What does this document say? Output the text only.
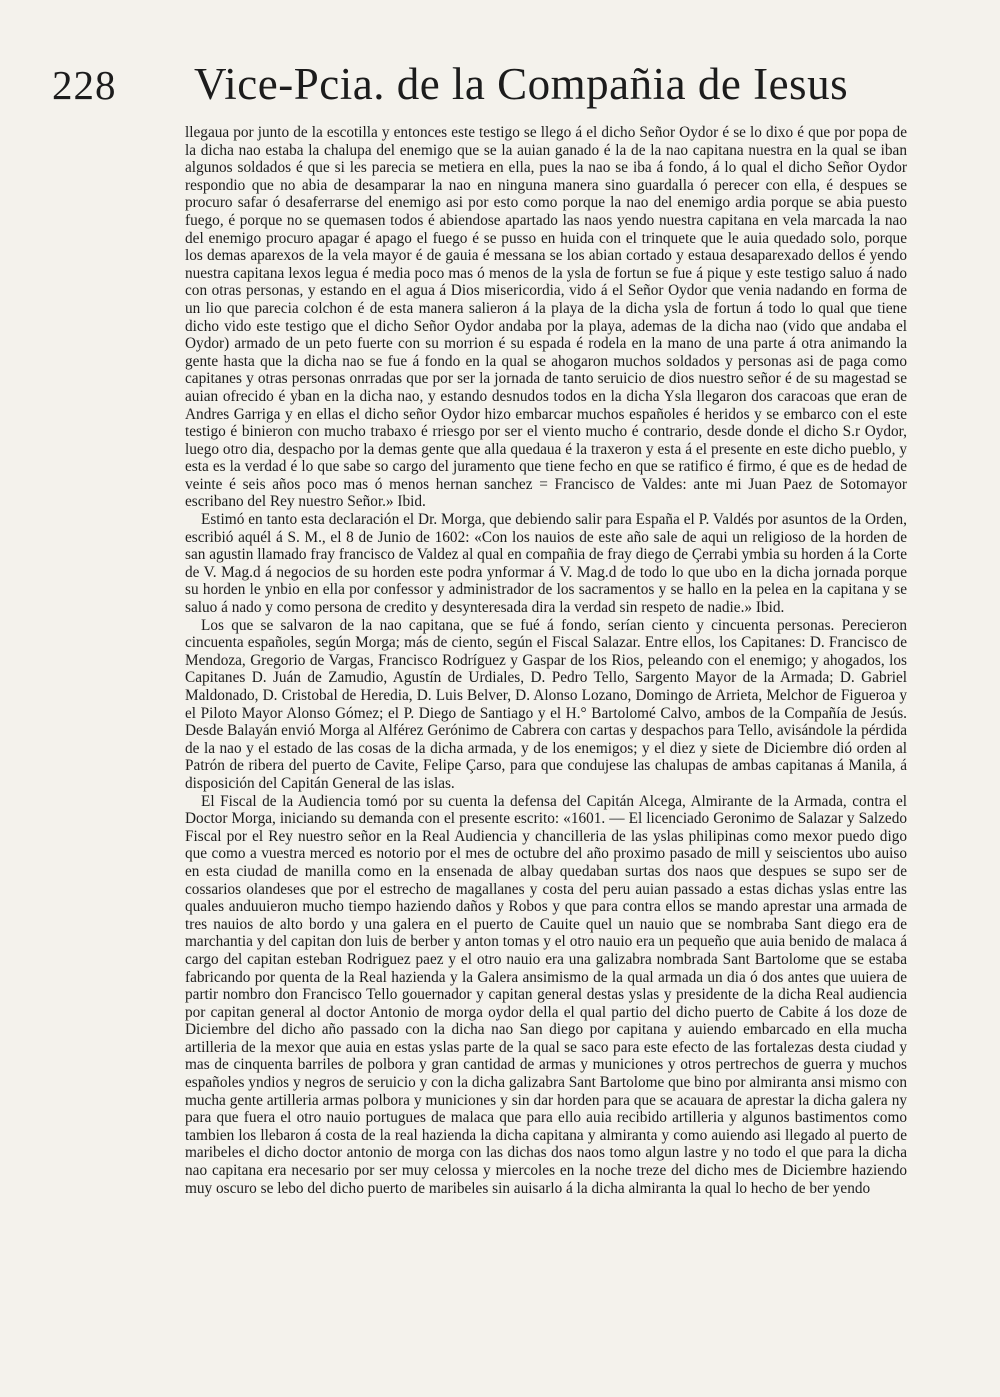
228	Vice-Pcia. de la Compañia de Iesus

llegaua por junto de la escotilla y entonces este testigo se llego á el dicho Señor Oydor é se lo dixo é que por popa de la dicha nao estaba la chalupa del enemigo que se la auian ganado é la de la nao capitana nuestra en la qual se iban algunos soldados é que si les parecia se metiera en ella, pues la nao se iba á fondo, á lo qual el dicho Señor Oydor respondio que no abia de desamparar la nao en ninguna manera sino guardalla ó perecer con ella, é despues se procuro safar ó desaferrarse del enemigo asi por esto como porque la nao del enemigo ardia porque se abia puesto fuego, é porque no se quemasen todos é abiendose apartado las naos yendo nuestra capitana en vela marcada la nao del enemigo procuro apagar é apago el fuego é se pusso en huida con el trinquete que le auia quedado solo, porque los demas aparexos de la vela mayor é de gauia é messana se los abian cortado y estaua desaparexado dellos é yendo nuestra capitana lexos legua é media poco mas ó menos de la ysla de fortun se fue á pique y este testigo saluo á nado con otras personas, y estando en el agua á Dios misericordia, vido á el Señor Oydor que venia nadando en forma de un lio que parecia colchon é de esta manera salieron á la playa de la dicha ysla de fortun á todo lo qual que tiene dicho vido este testigo que el dicho Señor Oydor andaba por la playa, ademas de la dicha nao (vido que andaba el Oydor) armado de un peto fuerte con su morrion é su espada é rodela en la mano de una parte á otra animando la gente hasta que la dicha nao se fue á fondo en la qual se ahogaron muchos soldados y personas asi de paga como capitanes y otras personas onrradas que por ser la jornada de tanto seruicio de dios nuestro señor é de su magestad se auian ofrecido é yban en la dicha nao, y estando desnudos todos en la dicha Ysla llegaron dos caracoas que eran de Andres Garriga y en ellas el dicho señor Oydor hizo embarcar muchos españoles é heridos y se embarco con el este testigo é binieron con mucho trabaxo é rriesgo por ser el viento mucho é contrario, desde donde el dicho S.r Oydor, luego otro dia, despacho por la demas gente que alla quedaua é la traxeron y esta á el presente en este dicho pueblo, y esta es la verdad é lo que sabe so cargo del juramento que tiene fecho en que se ratifico é firmo, é que es de hedad de veinte é seis años poco mas ó menos hernan sanchez = Francisco de Valdes: ante mi Juan Paez de Sotomayor escribano del Rey nuestro Señor.» Ibid.

Estimó en tanto esta declaración el Dr. Morga, que debiendo salir para España el P. Valdés por asuntos de la Orden, escribió aquél á S. M., el 8 de Junio de 1602: «Con los nauios de este año sale de aqui un religioso de la horden de san agustin llamado fray francisco de Valdez al qual en compañia de fray diego de Çerrabi ymbia su horden á la Corte de V. Mag.d á negocios de su horden este podra ynformar á V. Mag.d de todo lo que ubo en la dicha jornada porque su horden le ynbio en ella por confessor y administrador de los sacramentos y se hallo en la pelea en la capitana y se saluo á nado y como persona de credito y desynteresada dira la verdad sin respeto de nadie.» Ibid.

Los que se salvaron de la nao capitana, que se fué á fondo, serían ciento y cincuenta personas. Perecieron cincuenta españoles, según Morga; más de ciento, según el Fiscal Salazar. Entre ellos, los Capitanes: D. Francisco de Mendoza, Gregorio de Vargas, Francisco Rodríguez y Gaspar de los Rios, peleando con el enemigo; y ahogados, los Capitanes D. Juán de Zamudio, Agustín de Urdiales, D. Pedro Tello, Sargento Mayor de la Armada; D. Gabriel Maldonado, D. Cristobal de Heredia, D. Luis Belver, D. Alonso Lozano, Domingo de Arrieta, Melchor de Figueroa y el Piloto Mayor Alonso Gómez; el P. Diego de Santiago y el H.° Bartolomé Calvo, ambos de la Compañía de Jesús. Desde Balayán envió Morga al Alférez Gerónimo de Cabrera con cartas y despachos para Tello, avisándole la pérdida de la nao y el estado de las cosas de la dicha armada, y de los enemigos; y el diez y siete de Diciembre dió orden al Patrón de ribera del puerto de Cavite, Felipe Çarso, para que condujese las chalupas de ambas capitanas á Manila, á disposición del Capitán General de las islas.

El Fiscal de la Audiencia tomó por su cuenta la defensa del Capitán Alcega, Almirante de la Armada, contra el Doctor Morga, iniciando su demanda con el presente escrito: «1601. — El licenciado Geronimo de Salazar y Salzedo Fiscal por el Rey nuestro señor en la Real Audiencia y chancilleria de las yslas philipinas como mexor puedo digo que como a vuestra merced es notorio por el mes de octubre del año proximo pasado de mill y seiscientos ubo auiso en esta ciudad de manilla como en la ensenada de albay quedaban surtas dos naos que despues se supo ser de cossarios olandeses que por el estrecho de magallanes y costa del peru auian passado a estas dichas yslas entre las quales anduuieron mucho tiempo haziendo daños y Robos y que para contra ellos se mando aprestar una armada de tres nauios de alto bordo y una galera en el puerto de Cauite quel un nauio que se nombraba Sant diego era de marchantia y del capitan don luis de berber y anton tomas y el otro nauio era un pequeño que auia benido de malaca á cargo del capitan esteban Rodriguez paez y el otro nauio era una galizabra nombrada Sant Bartolome que se estaba fabricando por quenta de la Real hazienda y la Galera ansimismo de la qual armada un dia ó dos antes que uuiera de partir nombro don Francisco Tello gouernador y capitan general destas yslas y presidente de la dicha Real audiencia por capitan general al doctor Antonio de morga oydor della el qual partio del dicho puerto de Cabite á los doze de Diciembre del dicho año passado con la dicha nao San diego por capitana y auiendo embarcado en ella mucha artilleria de la mexor que auia en estas yslas parte de la qual se saco para este efecto de las fortalezas desta ciudad y mas de cinquenta barriles de polbora y gran cantidad de armas y municiones y otros pertrechos de guerra y muchos españoles yndios y negros de seruicio y con la dicha galizabra Sant Bartolome que bino por almiranta ansi mismo con mucha gente artilleria armas polbora y municiones y sin dar horden para que se acauara de aprestar la dicha galera ny para que fuera el otro nauio portugues de malaca que para ello auia recibido artilleria y algunos bastimentos como tambien los llebaron á costa de la real hazienda la dicha capitana y almiranta y como auiendo asi llegado al puerto de maribeles el dicho doctor antonio de morga con las dichas dos naos tomo algun lastre y no todo el que para la dicha nao capitana era necesario por ser muy celossa y miercoles en la noche treze del dicho mes de Diciembre haziendo muy oscuro se lebo del dicho puerto de maribeles sin auisarlo á la dicha almiranta la qual lo hecho de ber yendo
